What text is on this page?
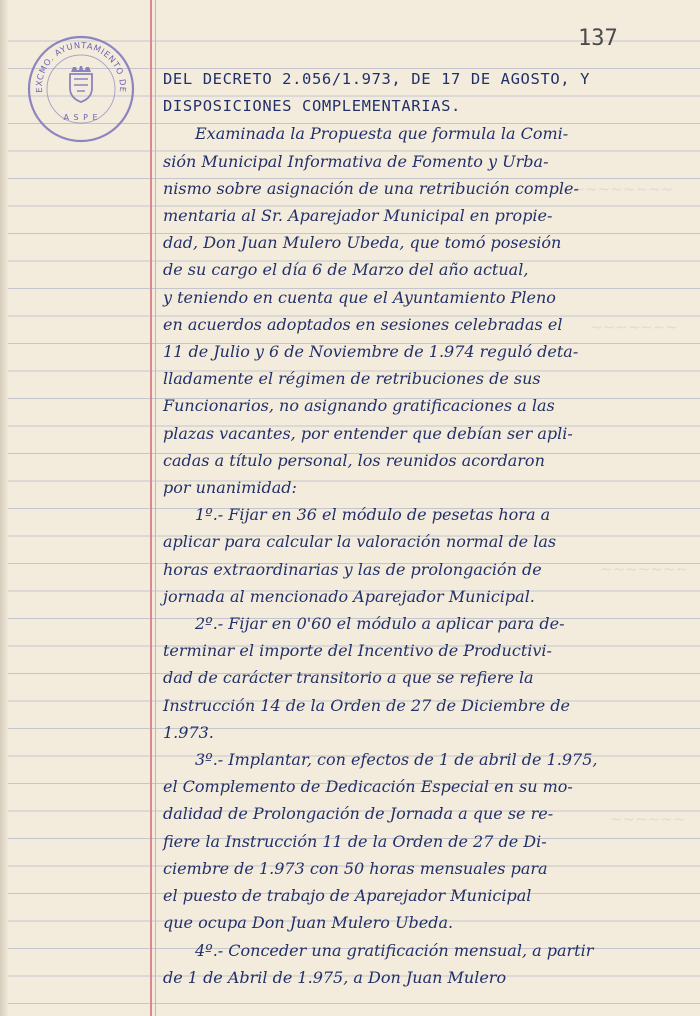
~~~~~~~~~
~~~~~~~
~~~~~~~
~~~~~~
EXCMO. AYUNTAMIENTO DE
A S P E
137
DEL DECRETO 2.056/1.973, DE 17 DE AGOSTO, Y
DISPOSICIONES COMPLEMENTARIAS.
Examinada la Propuesta que formula la Comi-
sión Municipal Informativa de Fomento y Urba-
nismo sobre asignación de una retribución comple-
mentaria al Sr. Aparejador Municipal en propie-
dad, Don Juan Mulero Ubeda, que tomó posesión
de su cargo el día 6 de Marzo del año actual,
y teniendo en cuenta que el Ayuntamiento Pleno
en acuerdos adoptados en sesiones celebradas el
11 de Julio y 6 de Noviembre de 1.974 reguló deta-
lladamente el régimen de retribuciones de sus
Funcionarios, no asignando gratificaciones a las
plazas vacantes, por entender que debían ser apli-
cadas a título personal, los reunidos acordaron
por unanimidad:
1º.- Fijar en 36 el módulo de pesetas hora a
aplicar para calcular la valoración normal de las
horas extraordinarias y las de prolongación de
jornada al mencionado Aparejador Municipal.
2º.- Fijar en 0'60 el módulo a aplicar para de-
terminar el importe del Incentivo de Productivi-
dad de carácter transitorio a que se refiere la
Instrucción 14 de la Orden de 27 de Diciembre de
1.973.
3º.- Implantar, con efectos de 1 de abril de 1.975,
el Complemento de Dedicación Especial en su mo-
dalidad de Prolongación de Jornada a que se re-
fiere la Instrucción 11 de la Orden de 27 de Di-
ciembre de 1.973 con 50 horas mensuales para
el puesto de trabajo de Aparejador Municipal
que ocupa Don Juan Mulero Ubeda.
4º.- Conceder una gratificación mensual, a partir
de 1 de Abril de 1.975, a Don Juan Mulero
